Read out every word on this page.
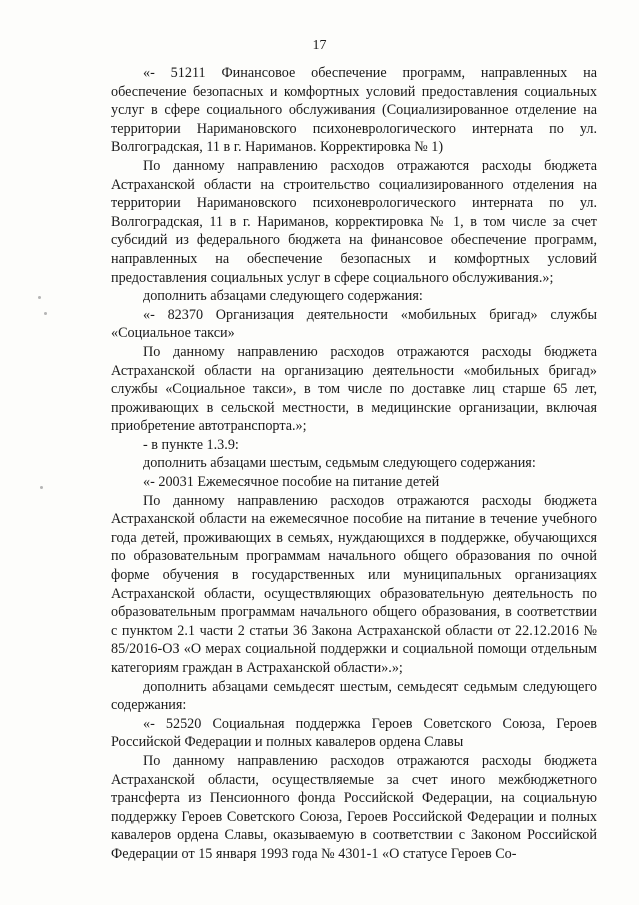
17

«- 51211 Финансовое обеспечение программ, направленных на обеспечение безопасных и комфортных условий предоставления социальных услуг в сфере социального обслуживания (Социализированное отделение на территории Наримановского психоневрологического интерната по ул. Волгоградская, 11 в г. Нариманов. Корректировка № 1)

По данному направлению расходов отражаются расходы бюджета Астраханской области на строительство социализированного отделения на территории Наримановского психоневрологического интерната по ул. Волгоградская, 11 в г. Нариманов, корректировка № 1, в том числе за счет субсидий из федерального бюджета на финансовое обеспечение программ, направленных на обеспечение безопасных и комфортных условий предоставления социальных услуг в сфере социального обслуживания.»;

дополнить абзацами следующего содержания:

«- 82370 Организация деятельности «мобильных бригад» службы «Социальное такси»

По данному направлению расходов отражаются расходы бюджета Астраханской области на организацию деятельности «мобильных бригад» службы «Социальное такси», в том числе по доставке лиц старше 65 лет, проживающих в сельской местности, в медицинские организации, включая приобретение автотранспорта.»;

- в пункте 1.3.9:

дополнить абзацами шестым, седьмым следующего содержания:

«- 20031 Ежемесячное пособие на питание детей

По данному направлению расходов отражаются расходы бюджета Астраханской области на ежемесячное пособие на питание в течение учебного года детей, проживающих в семьях, нуждающихся в поддержке, обучающихся по образовательным программам начального общего образования по очной форме обучения в государственных или муниципальных организациях Астраханской области, осуществляющих образовательную деятельность по образовательным программам начального общего образования, в соответствии с пунктом 2.1 части 2 статьи 36 Закона Астраханской области от 22.12.2016 № 85/2016-ОЗ «О мерах социальной поддержки и социальной помощи отдельным категориям граждан в Астраханской области».»;

дополнить абзацами семьдесят шестым, семьдесят седьмым следующего содержания:

«- 52520 Социальная поддержка Героев Советского Союза, Героев Российской Федерации и полных кавалеров ордена Славы

По данному направлению расходов отражаются расходы бюджета Астраханской области, осуществляемые за счет иного межбюджетного трансферта из Пенсионного фонда Российской Федерации, на социальную поддержку Героев Советского Союза, Героев Российской Федерации и полных кавалеров ордена Славы, оказываемую в соответствии с Законом Российской Федерации от 15 января 1993 года № 4301-1 «О статусе Героев Со-
